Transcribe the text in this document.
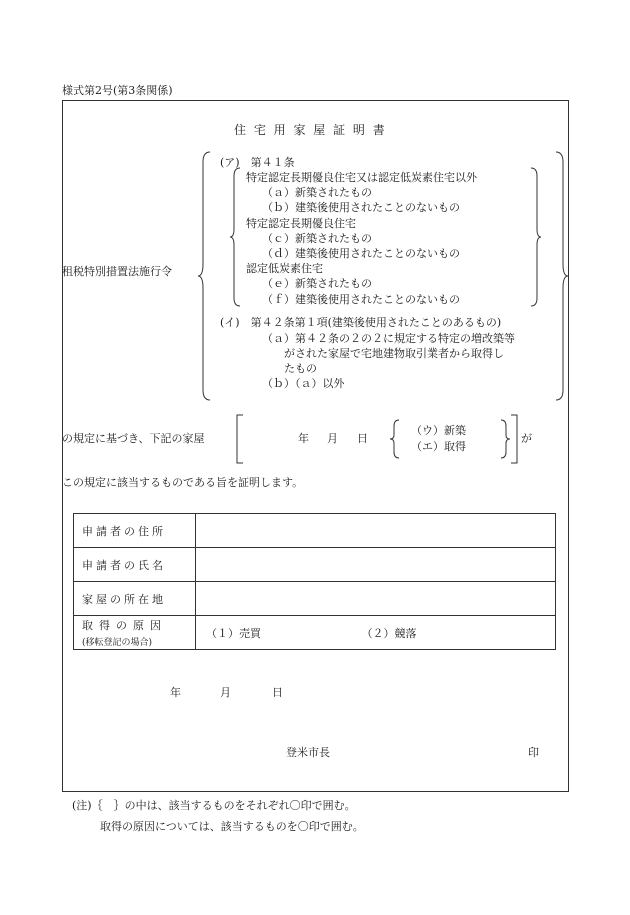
様式第2号(第3条関係)
住 宅 用 家 屋 証 明 書
租税特別措置法施行令
(ア)　第４１条
特定認定長期優良住宅又は認定低炭素住宅以外
（ａ）新築されたもの
（ｂ）建築後使用されたことのないもの
特定認定長期優良住宅
（ｃ）新築されたもの
（ｄ）建築後使用されたことのないもの
認定低炭素住宅
（ｅ）新築されたもの
（ｆ）建築後使用されたことのないもの
(イ)　第４２条第１項(建築後使用されたことのあるもの)
（ａ）第４２条の２の２に規定する特定の増改築等
がされた家屋で宅地建物取引業者から取得し
たもの
（ｂ）（ａ）以外
の規定に基づき、下記の家屋	年 月 日
（ウ）新築
（エ）取得
が
この規定に該当するものである旨を証明します。
申請者の住所	
申請者の氏名	
家屋の所在地	

取得の原因
(移転登記の場合)	（１）売買 （２）競落
年	月	日
登米市長	印
(注)｛　｝の中は、該当するものをそれぞれ〇印で囲む。
取得の原因については、該当するものを〇印で囲む。
